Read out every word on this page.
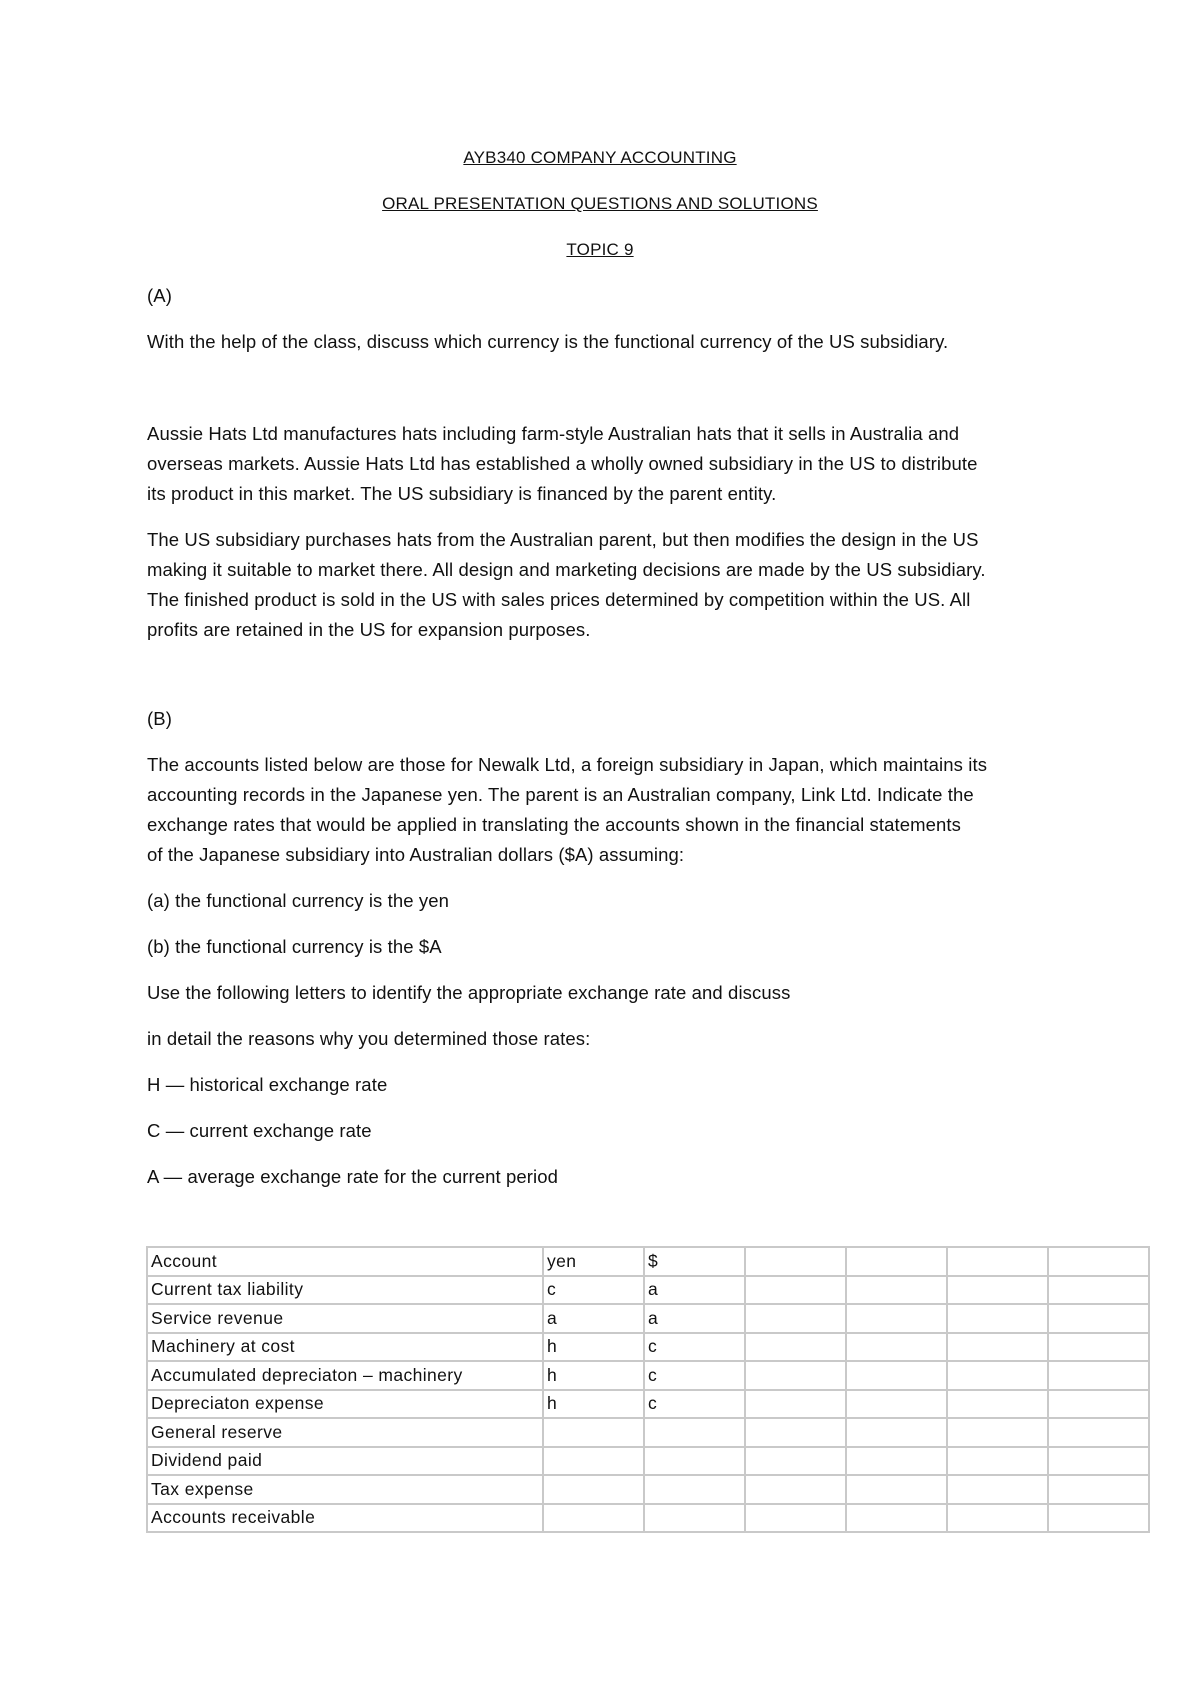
AYB340 COMPANY ACCOUNTING
ORAL PRESENTATION QUESTIONS AND SOLUTIONS
TOPIC 9
(A)
With the help of the class, discuss which currency is the functional currency of the US subsidiary.
Aussie Hats Ltd manufactures hats including farm-style Australian hats that it sells in Australia and
overseas markets. Aussie Hats Ltd has established a wholly owned subsidiary in the US to distribute
its product in this market. The US subsidiary is financed by the parent entity.
The US subsidiary purchases hats from the Australian parent, but then modifies the design in the US
making it suitable to market there. All design and marketing decisions are made by the US subsidiary.
The finished product is sold in the US with sales prices determined by competition within the US. All
profits are retained in the US for expansion purposes.
(B)
The accounts listed below are those for Newalk Ltd, a foreign subsidiary in Japan, which maintains its
accounting records in the Japanese yen. The parent is an Australian company, Link Ltd. Indicate the
exchange rates that would be applied in translating the accounts shown in the financial statements
of the Japanese subsidiary into Australian dollars ($A) assuming:
(a) the functional currency is the yen
(b) the functional currency is the $A
Use the following letters to identify the appropriate exchange rate and discuss
in detail the reasons why you determined those rates:
H — historical exchange rate
C — current exchange rate
A — average exchange rate for the current period
Account	yen	$				
Current tax liability	c	a				
Service revenue	a	a				
Machinery at cost	h	c				
Accumulated depreciaton – machinery	h	c				
Depreciaton expense	h	c				
General reserve						
Dividend paid						
Tax expense						
Accounts receivable						
